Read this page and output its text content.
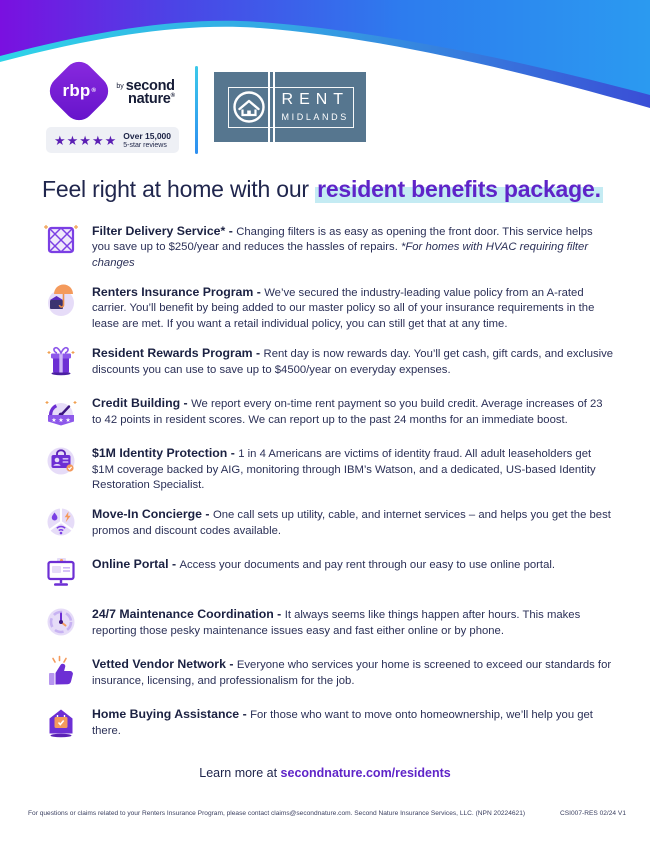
rbp ®
by second
nature®
★★★★★ Over 15,000
5-star reviews
RENT
MIDLANDS
Feel right at home with our resident benefits package.

Filter Delivery Service* - Changing filters is as easy as opening the front door. This service helps you save up to $250/year and reduces the hassles of repairs. *For homes with HVAC requiring filter changes

Renters Insurance Program - We’ve secured the industry-leading value policy from an A-rated carrier. You’ll benefit by being added to our master policy so all of your insurance requirements in the lease are met. If you want a retail individual policy, you can still get that at any time.

Resident Rewards Program - Rent day is now rewards day. You’ll get cash, gift cards, and exclusive discounts you can use to save up to $4500/year on everyday expenses.

★ ★ ★

Credit Building - We report every on-time rent payment so you build credit. Average increases of 23 to 42 points in resident scores. We can report up to the past 24 months for an immediate boost.

$1M Identity Protection - 1 in 4 Americans are victims of identity fraud. All adult leaseholders get $1M coverage backed by AIG, monitoring through IBM’s Watson, and a dedicated, US-based Identity Restoration Specialist.

Move-In Concierge - One call sets up utility, cable, and internet services – and helps you get the best promos and discount codes available.

Online Portal - Access your documents and pay rent through our easy to use online portal.

24/7 Maintenance Coordination - It always seems like things happen after hours. This makes reporting those pesky maintenance issues easy and fast either online or by phone.

Vetted Vendor Network - Everyone who services your home is screened to exceed our standards for insurance, licensing, and professionalism for the job.

Home Buying Assistance - For those who want to move onto homeownership, we’ll help you get there.

Learn more at secondnature.com/residents
For questions or claims related to your Renters Insurance Program, please contact claims@secondnature.com. Second Nature Insurance Services, LLC. (NPN 20224621)	CSI007-RES 02/24 V1
